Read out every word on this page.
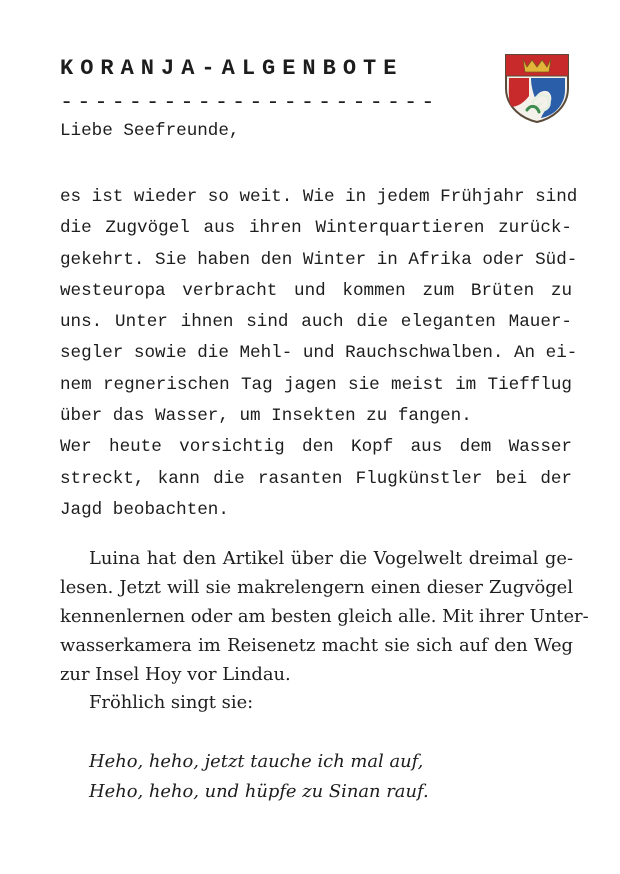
KORANJA-ALGENBOTE
----------------------
Liebe Seefreunde,
es ist wieder so weit. Wie in jedem Frühjahr sind
die Zugvögel aus ihren Winterquartieren zurück-
gekehrt. Sie haben den Winter in Afrika oder Süd-
westeuropa verbracht und kommen zum Brüten zu
uns. Unter ihnen sind auch die eleganten Mauer-
segler sowie die Mehl- und Rauchschwalben. An ei-
nem regnerischen Tag jagen sie meist im Tiefflug
über das Wasser, um Insekten zu fangen.
Wer heute vorsichtig den Kopf aus dem Wasser
streckt, kann die rasanten Flugkünstler bei der
Jagd beobachten.
Luina hat den Artikel über die Vogelwelt dreimal ge-
lesen. Jetzt will sie makrelengern einen dieser Zugvögel
kennenlernen oder am besten gleich alle. Mit ihrer Unter-
wasserkamera im Reisenetz macht sie sich auf den Weg
zur Insel Hoy vor Lindau.
Fröhlich singt sie:
Heho, heho, jetzt tauche ich mal auf,
Heho, heho, und hüpfe zu Sinan rauf.
